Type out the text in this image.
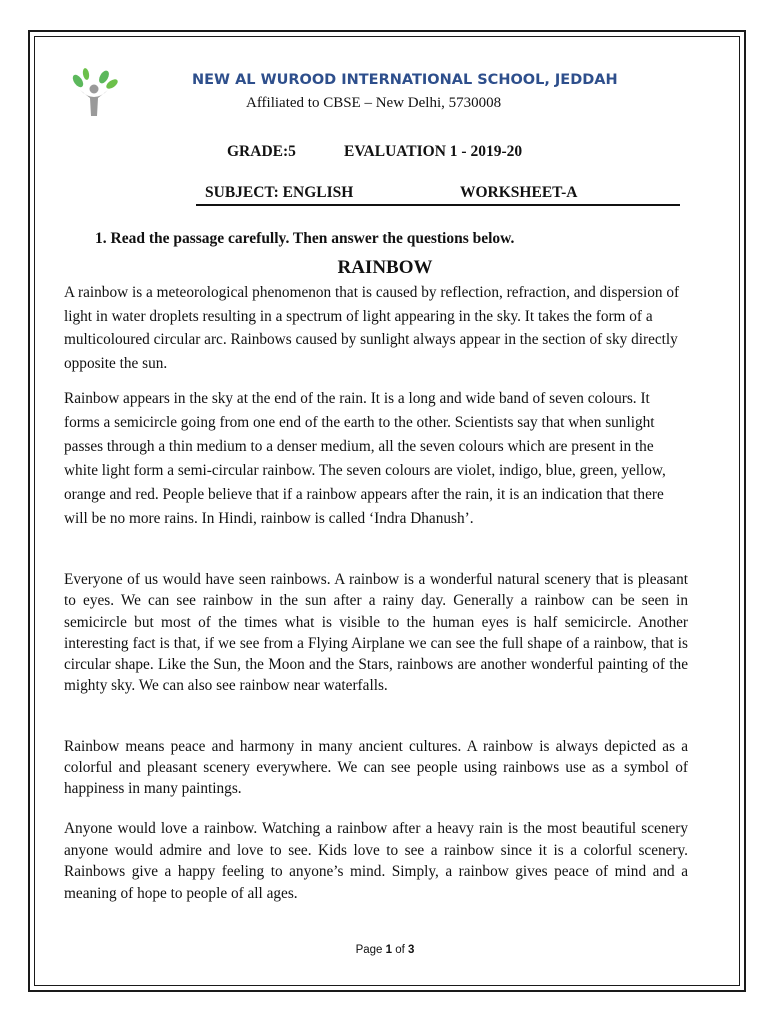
NEW AL WUROOD INTERNATIONAL SCHOOL, JEDDAH
Affiliated to CBSE – New Delhi, 5730008
GRADE:5	EVALUATION 1 - 2019-20
SUBJECT: ENGLISH	WORKSHEET-A
1. Read the passage carefully. Then answer the questions below.
RAINBOW

A rainbow is a meteorological phenomenon that is caused by reflection, refraction, and dispersion of light in water droplets resulting in a spectrum of light appearing in the sky. It takes the form of a multicoloured circular arc. Rainbows caused by sunlight always appear in the section of sky directly opposite the sun.

Rainbow appears in the sky at the end of the rain. It is a long and wide band of seven colours. It forms a semicircle going from one end of the earth to the other. Scientists say that when sunlight passes through a thin medium to a denser medium, all the seven colours which are present in the white light form a semi-circular rainbow. The seven colours are violet, indigo, blue, green, yellow, orange and red. People believe that if a rainbow appears after the rain, it is an indication that there will be no more rains. In Hindi, rainbow is called ‘Indra Dhanush’.

Everyone of us would have seen rainbows. A rainbow is a wonderful natural scenery that is pleasant to eyes. We can see rainbow in the sun after a rainy day. Generally a rainbow can be seen in semicircle but most of the times what is visible to the human eyes is half semicircle. Another interesting fact is that, if we see from a Flying Airplane we can see the full shape of a rainbow, that is circular shape. Like the Sun, the Moon and the Stars, rainbows are another wonderful painting of the mighty sky. We can also see rainbow near waterfalls.

Rainbow means peace and harmony in many ancient cultures. A rainbow is always depicted as a colorful and pleasant scenery everywhere. We can see people using rainbows use as a symbol of happiness in many paintings.

Anyone would love a rainbow. Watching a rainbow after a heavy rain is the most beautiful scenery anyone would admire and love to see. Kids love to see a rainbow since it is a colorful scenery. Rainbows give a happy feeling to anyone’s mind. Simply, a rainbow gives peace of mind and a meaning of hope to people of all ages.

Page 1 of 3
